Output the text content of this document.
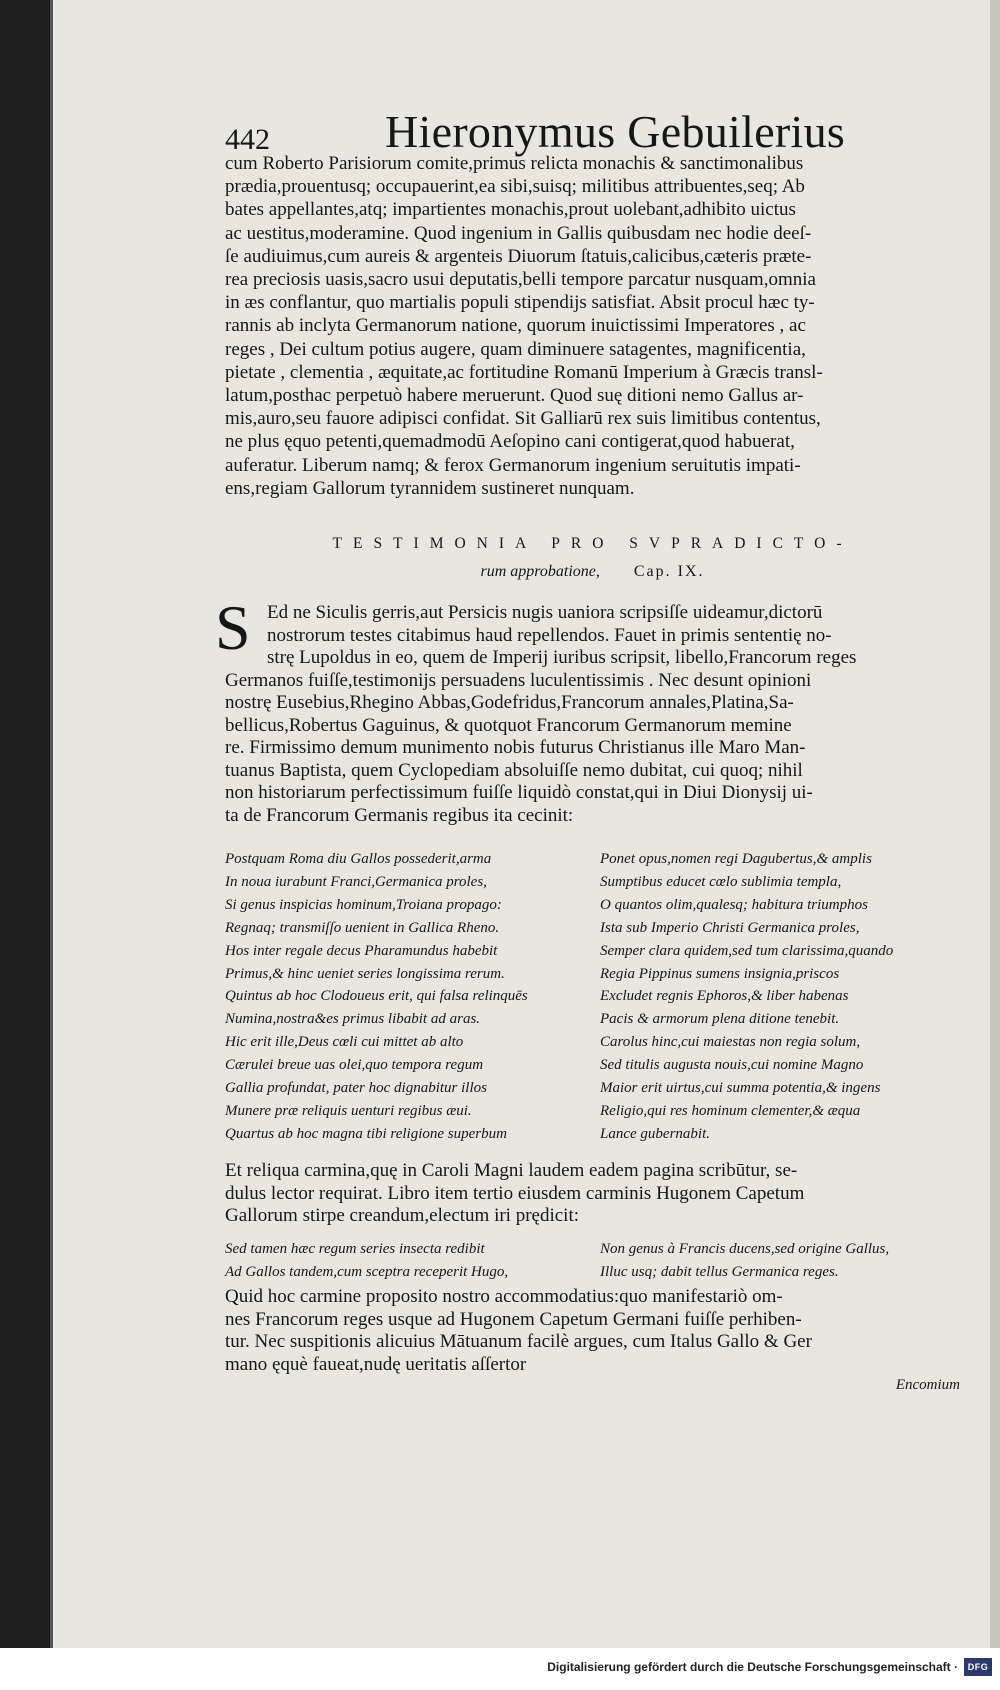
442	Hieronymus Gebuilerius
cum Roberto Parisiorum comite,primus relicta monachis & sanctimonalibus
prædia,prouentusq; occupauerint,ea sibi,suisq; militibus attribuentes,seq; Ab
bates appellantes,atq; impartientes monachis,prout uolebant,adhibito uictus
ac uestitus,moderamine. Quod ingenium in Gallis quibusdam nec hodie deeſ-
ſe audiuimus,cum aureis & argenteis Diuorum ſtatuis,calicibus,cæteris præte-
rea preciosis uasis,sacro usui deputatis,belli tempore parcatur nusquam,omnia
in æs conflantur, quo martialis populi stipendijs satisfiat. Absit procul hæc ty-
rannis ab inclyta Germanorum natione, quorum inuictissimi Imperatores , ac
reges , Dei cultum potius augere, quam diminuere satagentes, magnificentia,
pietate , clementia , æquitate,ac fortitudine Romanū Imperium à Græcis transl-
latum,posthac perpetuò habere meruerunt. Quod suę ditioni nemo Gallus ar-
mis,auro,seu fauore adipisci confidat. Sit Galliarū rex suis limitibus contentus,
ne plus ęquo petenti,quemadmodū Aeſopino cani contigerat,quod habuerat,
auferatur. Liberum namq; & ferox Germanorum ingenium seruitutis impati-
ens,regiam Gallorum tyrannidem sustineret nunquam.
TESTIMONIA PRO SVPRADICTO-
rum approbatione, Cap. IX.
S Ed ne Siculis gerris,aut Persicis nugis uaniora scripsiſſe uideamur,dictorū
nostrorum testes citabimus haud repellendos. Fauet in primis sententię no-
strę Lupoldus in eo, quem de Imperij iuribus scripsit, libello,Francorum reges
Germanos fuiſſe,testimonijs persuadens luculentissimis . Nec desunt opinioni
nostrę Eusebius,Rhegino Abbas,Godefridus,Francorum annales,Platina,Sa-
bellicus,Robertus Gaguinus, & quotquot Francorum Germanorum memine
re. Firmissimo demum munimento nobis futurus Christianus ille Maro Man-
tuanus Baptista, quem Cyclopediam absoluiſſe nemo dubitat, cui quoq; nihil
non historiarum perfectissimum fuiſſe liquidò constat,qui in Diui Dionysij ui-
ta de Francorum Germanis regibus ita cecinit:
Postquam Roma diu Gallos possederit,arma
In noua iurabunt Franci,Germanica proles,
Si genus inspicias hominum,Troiana propago:
Regnaq; transmiſſo uenient in Gallica Rheno.
Hos inter regale decus Pharamundus habebit
Primus,& hinc ueniet series longissima rerum.
Quintus ab hoc Clodoueus erit, qui falsa relinquēs
Numina,nostra&es primus libabit ad aras.
Hic erit ille,Deus cœli cui mittet ab alto
Cærulei breue uas olei,quo tempora regum
Gallia profundat, pater hoc dignabitur illos
Munere præ reliquis uenturi regibus æui.
Quartus ab hoc magna tibi religione superbum
Ponet opus,nomen regi Dagubertus,& amplis
Sumptibus educet cœlo sublimia templa,
O quantos olim,qualesq; habitura triumphos
Ista sub Imperio Christi Germanica proles,
Semper clara quidem,sed tum clarissima,quando
Regia Pippinus sumens insignia,priscos
Excludet regnis Ephoros,& liber habenas
Pacis & armorum plena ditione tenebit.
Carolus hinc,cui maiestas non regia solum,
Sed titulis augusta nouis,cui nomine Magno
Maior erit uirtus,cui summa potentia,& ingens
Religio,qui res hominum clementer,& æqua
Lance gubernabit.
Et reliqua carmina,quę in Caroli Magni laudem eadem pagina scribūtur, se-
dulus lector requirat. Libro item tertio eiusdem carminis Hugonem Capetum
Gallorum stirpe creandum,electum iri prędicit:
Sed tamen hæc regum series insecta redibit
Ad Gallos tandem,cum sceptra receperit Hugo,
Non genus à Francis ducens,sed origine Gallus,
Illuc usq; dabit tellus Germanica reges.
Quid hoc carmine proposito nostro accommodatius:quo manifestariò om-
nes Francorum reges usque ad Hugonem Capetum Germani fuiſſe perhiben-
tur. Nec suspitionis alicuius Mātuanum facilè argues, cum Italus Gallo & Ger
mano ęquè faueat,nudę ueritatis aſſertor
Encomium
Digitalisierung gefördert durch die Deutsche Forschungsgemeinschaft ·	DFG
